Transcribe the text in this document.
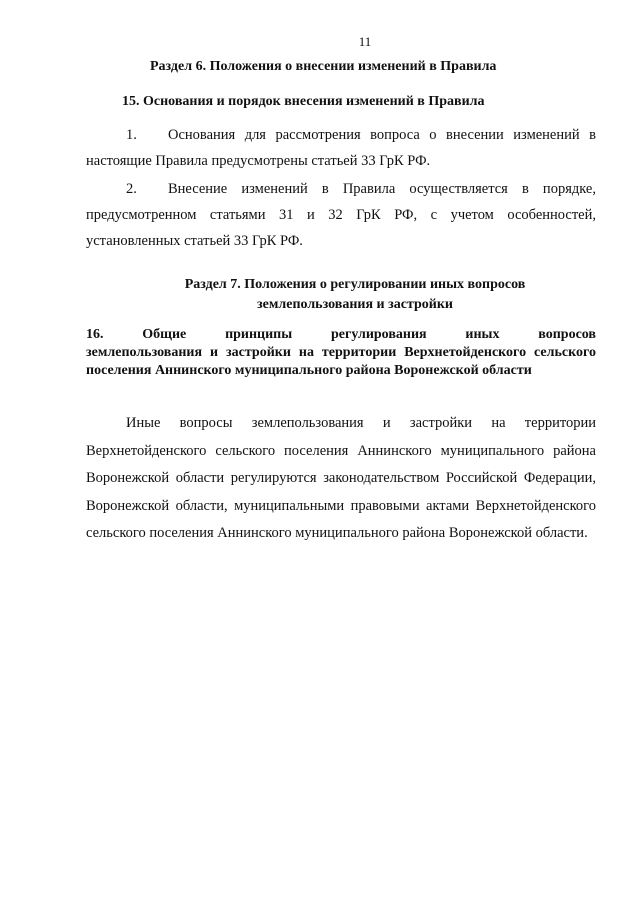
11
Раздел 6. Положения о внесении изменений в Правила
15. Основания и порядок внесения изменений в Правила

1. Основания для рассмотрения вопроса о внесении изменений в настоящие Правила предусмотрены статьей 33 ГрК РФ.

2. Внесение изменений в Правила осуществляется в порядке, предусмотренном статьями 31 и 32 ГрК РФ, с учетом особенностей, установленных статьей 33 ГрК РФ.

Раздел 7. Положения о регулировании иных вопросов
землепользования и застройки
16.	Общие	принципы	регулирования	иных	вопросов
землепользования и застройки на территории Верхнетойденского сельского поселения Аннинского муниципального района Воронежской области

Иные вопросы землепользования и застройки на территории Верхнетойденского сельского поселения Аннинского муниципального района Воронежской области регулируются законодательством Российской Федерации, Воронежской области, муниципальными правовыми актами Верхнетойденского сельского поселения Аннинского муниципального района Воронежской области.
